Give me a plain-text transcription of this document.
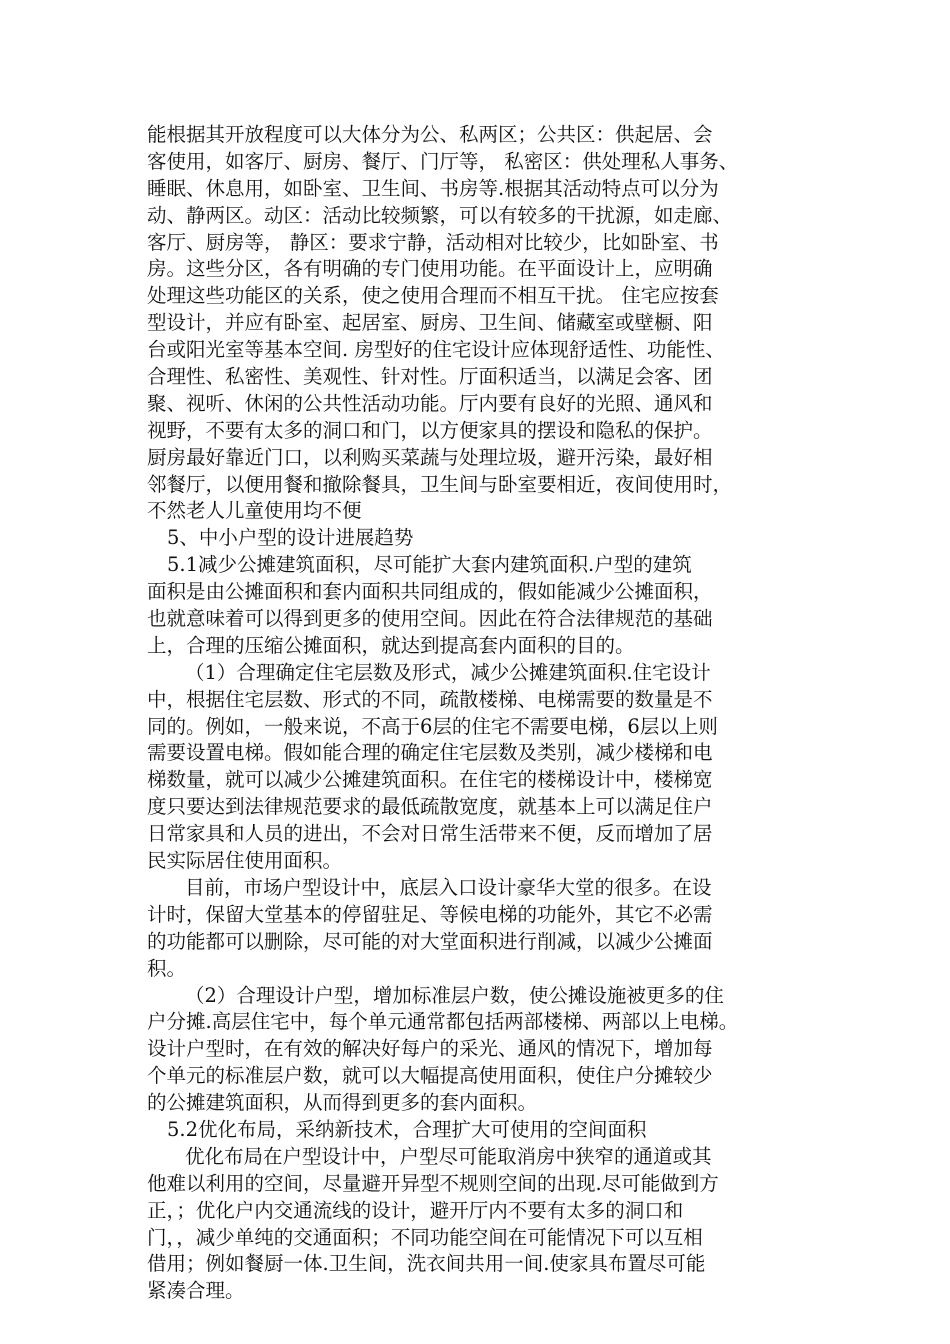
能根据其开放程度可以大体分为公、私两区；公共区：供起居、会
客使用，如客厅、厨房、餐厅、门厅等， 私密区：供处理私人事务、
睡眠、休息用，如卧室、卫生间、书房等.根据其活动特点可以分为
动、静两区。动区：活动比较频繁，可以有较多的干扰源，如走廊、
客厅、厨房等， 静区：要求宁静，活动相对比较少，比如卧室、书
房。这些分区，各有明确的专门使用功能。在平面设计上，应明确
处理这些功能区的关系，使之使用合理而不相互干扰。 住宅应按套
型设计，并应有卧室、起居室、厨房、卫生间、储藏室或壁橱、阳
台或阳光室等基本空间. 房型好的住宅设计应体现舒适性、功能性、
合理性、私密性、美观性、针对性。厅面积适当，以满足会客、团
聚、视听、休闲的公共性活动功能。厅内要有良好的光照、通风和
视野，不要有太多的洞口和门，以方便家具的摆设和隐私的保护。
厨房最好靠近门口，以利购买菜蔬与处理垃圾，避开污染，最好相
邻餐厅，以便用餐和撤除餐具，卫生间与卧室要相近，夜间使用时，
不然老人儿童使用均不便
5、中小户型的设计进展趋势
5.1减少公摊建筑面积，尽可能扩大套内建筑面积.户型的建筑
面积是由公摊面积和套内面积共同组成的，假如能减少公摊面积，
也就意味着可以得到更多的使用空间。因此在符合法律规范的基础
上，合理的压缩公摊面积，就达到提高套内面积的目的。
（1）合理确定住宅层数及形式，减少公摊建筑面积.住宅设计
中，根据住宅层数、形式的不同，疏散楼梯、电梯需要的数量是不
同的。例如，一般来说，不高于6层的住宅不需要电梯，6层以上则
需要设置电梯。假如能合理的确定住宅层数及类别，减少楼梯和电
梯数量，就可以减少公摊建筑面积。在住宅的楼梯设计中，楼梯宽
度只要达到法律规范要求的最低疏散宽度，就基本上可以满足住户
日常家具和人员的进出，不会对日常生活带来不便，反而增加了居
民实际居住使用面积。
目前，市场户型设计中，底层入口设计豪华大堂的很多。在设
计时，保留大堂基本的停留驻足、等候电梯的功能外，其它不必需
的功能都可以删除，尽可能的对大堂面积进行削减，以减少公摊面
积。
（2）合理设计户型，增加标准层户数，使公摊设施被更多的住
户分摊.高层住宅中，每个单元通常都包括两部楼梯、两部以上电梯。
设计户型时，在有效的解决好每户的采光、通风的情况下，增加每
个单元的标准层户数，就可以大幅提高使用面积，使住户分摊较少
的公摊建筑面积，从而得到更多的套内面积。
5.2优化布局，采纳新技术，合理扩大可使用的空间面积
优化布局在户型设计中，户型尽可能取消房中狭窄的通道或其
他难以利用的空间，尽量避开异型不规则空间的出现.尽可能做到方
正，；优化户内交通流线的设计，避开厅内不要有太多的洞口和
门，，减少单纯的交通面积；不同功能空间在可能情况下可以互相
借用；例如餐厨一体.卫生间，洗衣间共用一间.使家具布置尽可能
紧凑合理。
